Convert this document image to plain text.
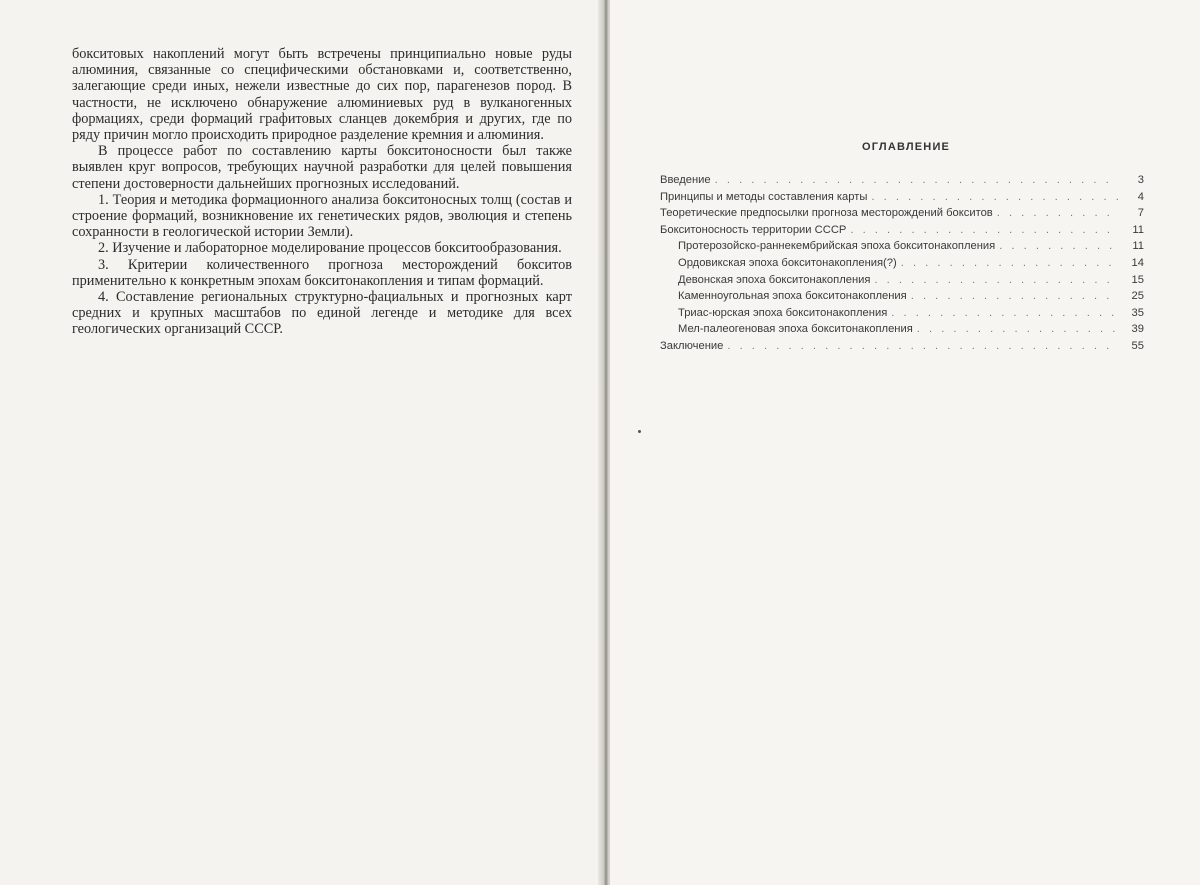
бокситовых накоплений могут быть встречены принципиально новые руды алюминия, связанные со специфическими обстановками и, соответственно, залегающие среди иных, нежели известные до сих пор, парагенезов пород. В частности, не исключено обнаружение алюминиевых руд в вулканогенных формациях, среди формаций графитовых сланцев докембрия и других, где по ряду причин могло происходить природное разделение кремния и алюминия.

В процессе работ по составлению карты бокситоносности был также выявлен круг вопросов, требующих научной разработки для целей повышения степени достоверности дальнейших прогнозных исследований.

1. Теория и методика формационного анализа бокситоносных толщ (состав и строение формаций, возникновение их генетических рядов, эволюция и степень сохранности в геологической истории Земли).

2. Изучение и лабораторное моделирование процессов бокситообразования.

3. Критерии количественного прогноза месторождений бокситов применительно к конкретным эпохам бокситонакопления и типам формаций.

4. Составление региональных структурно-фациальных и прогнозных карт средних и крупных масштабов по единой легенде и методике для всех геологических организаций СССР.

ОГЛАВЛЕНИЕ
Введение . . .	3
Принципы и методы составления карты . . .	4
Теоретические предпосылки прогноза месторождений бокситов . . .	7
Бокситоносность территории СССР . . .	11
Протерозойско-раннекембрийская эпоха бокситонакопления . . .	11
Ордовикская эпоха бокситонакопления(?) . . .	14
Девонская эпоха бокситонакопления . . .	15
Каменноугольная эпоха бокситонакопления . . .	25
Триас-юрская эпоха бокситонакопления . . .	35
Мел-палеогеновая эпоха бокситонакопления . . .	39
Заключение . . .	55
